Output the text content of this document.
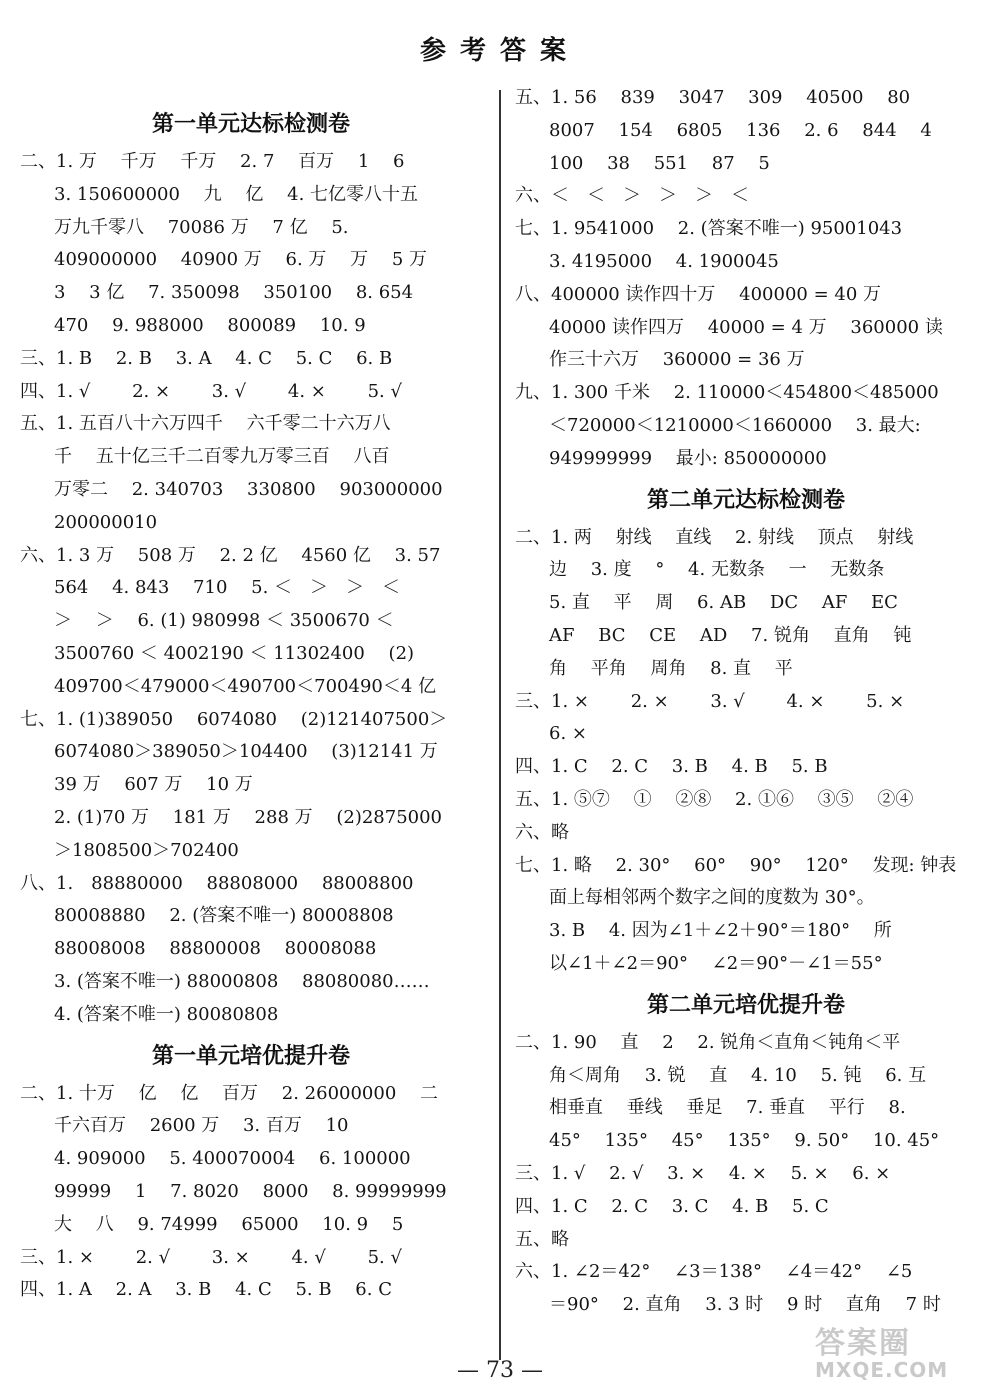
参考答案
第一单元达标检测卷
二、1. 万　 千万　 千万　 2. 7　 百万　 1　 6
3. 150600000　 九　 亿　 4. 七亿零八十五
万九千零八　 70086 万　 7 亿　 5.
409000000　 40900 万　 6. 万　 万　 5 万
3　 3 亿　 7. 350098　 350100　 8. 654
470　 9. 988000　 800089　 10. 9
三、1. B　 2. B　 3. A　 4. C　 5. C　 6. B
四、1. √　　 2. ×　　 3. √　　 4. ×　　 5. √
五、1. 五百八十六万四千　 六千零二十六万八
千　 五十亿三千二百零九万零三百　 八百
万零二　 2. 340703　 330800　 903000000
200000010
六、1. 3 万　 508 万　 2. 2 亿　 4560 亿　 3. 57
564　 4. 843　 710　 5. ＜　＞　＞　＜
＞　 ＞　 6. (1) 980998 ＜ 3500670 ＜
3500760 ＜ 4002190 ＜ 11302400　 (2)
409700＜479000＜490700＜700490＜4 亿
七、1. (1)389050　 6074080　 (2)121407500＞
6074080＞389050＞104400　 (3)12141 万
39 万　 607 万　 10 万
2. (1)70 万　 181 万　 288 万　 (2)2875000
＞1808500＞702400
八、1.　88880000　 88808000　 88008800
80008880　 2. (答案不唯一) 80008808
88008008　 88800008　 80008088
3. (答案不唯一) 88000808　 88080080……
4. (答案不唯一) 80080808
第一单元培优提升卷
二、1. 十万　 亿　 亿　 百万　 2. 26000000　 二
千六百万　 2600 万　 3. 百万　 10
4. 909000　 5. 400070004　 6. 100000
99999　 1　 7. 8020　 8000　 8. 99999999
大　 八　 9. 74999　 65000　 10. 9　 5
三、1. ×　　 2. √　　 3. ×　　 4. √　　 5. √
四、1. A　 2. A　 3. B　 4. C　 5. B　 6. C
五、1. 56　 839　 3047　 309　 40500　 80
8007　 154　 6805　 136　 2. 6　 844　 4
100　 38　 551　 87　 5
六、＜　＜　＞　＞　＞　＜
七、1. 9541000　 2. (答案不唯一) 95001043
3. 4195000　 4. 1900045
八、400000 读作四十万　 400000 = 40 万
40000 读作四万　 40000 = 4 万　 360000 读
作三十六万　 360000 = 36 万
九、1. 300 千米　 2. 110000＜454800＜485000
＜720000＜1210000＜1660000　 3. 最大:
949999999　 最小: 850000000
第二单元达标检测卷
二、1. 两　 射线　 直线　 2. 射线　 顶点　 射线
边　 3. 度　 °　 4. 无数条　 一　 无数条
5. 直　 平　 周　 6. AB　 DC　 AF　 EC
AF　 BC　 CE　 AD　 7. 锐角　 直角　 钝
角　 平角　 周角　 8. 直　 平
三、1. ×　　 2. ×　　 3. √　　 4. ×　　 5. ×
6. ×
四、1. C　 2. C　 3. B　 4. B　 5. B
五、1. ⑤⑦　 ①　 ②⑧　 2. ①⑥　 ③⑤　 ②④
六、略
七、1. 略　 2. 30°　 60°　 90°　 120°　 发现: 钟表
面上每相邻两个数字之间的度数为 30°。
3. B　 4. 因为∠1＋∠2＋90°＝180°　 所
以∠1＋∠2＝90°　 ∠2＝90°－∠1＝55°
第二单元培优提升卷
二、1. 90　 直　 2　 2. 锐角＜直角＜钝角＜平
角＜周角　 3. 锐　 直　 4. 10　 5. 钝　 6. 互
相垂直　 垂线　 垂足　 7. 垂直　 平行　 8.
45°　 135°　 45°　 135°　 9. 50°　 10. 45°
三、1. √　 2. √　 3. ×　 4. ×　 5. ×　 6. ×
四、1. C　 2. C　 3. C　 4. B　 5. C
五、略
六、1. ∠2＝42°　 ∠3＝138°　 ∠4＝42°　 ∠5
＝90°　 2. 直角　 3. 3 时　 9 时　 直角　 7 时
— 73 —
答案圈
MXQE.COM
